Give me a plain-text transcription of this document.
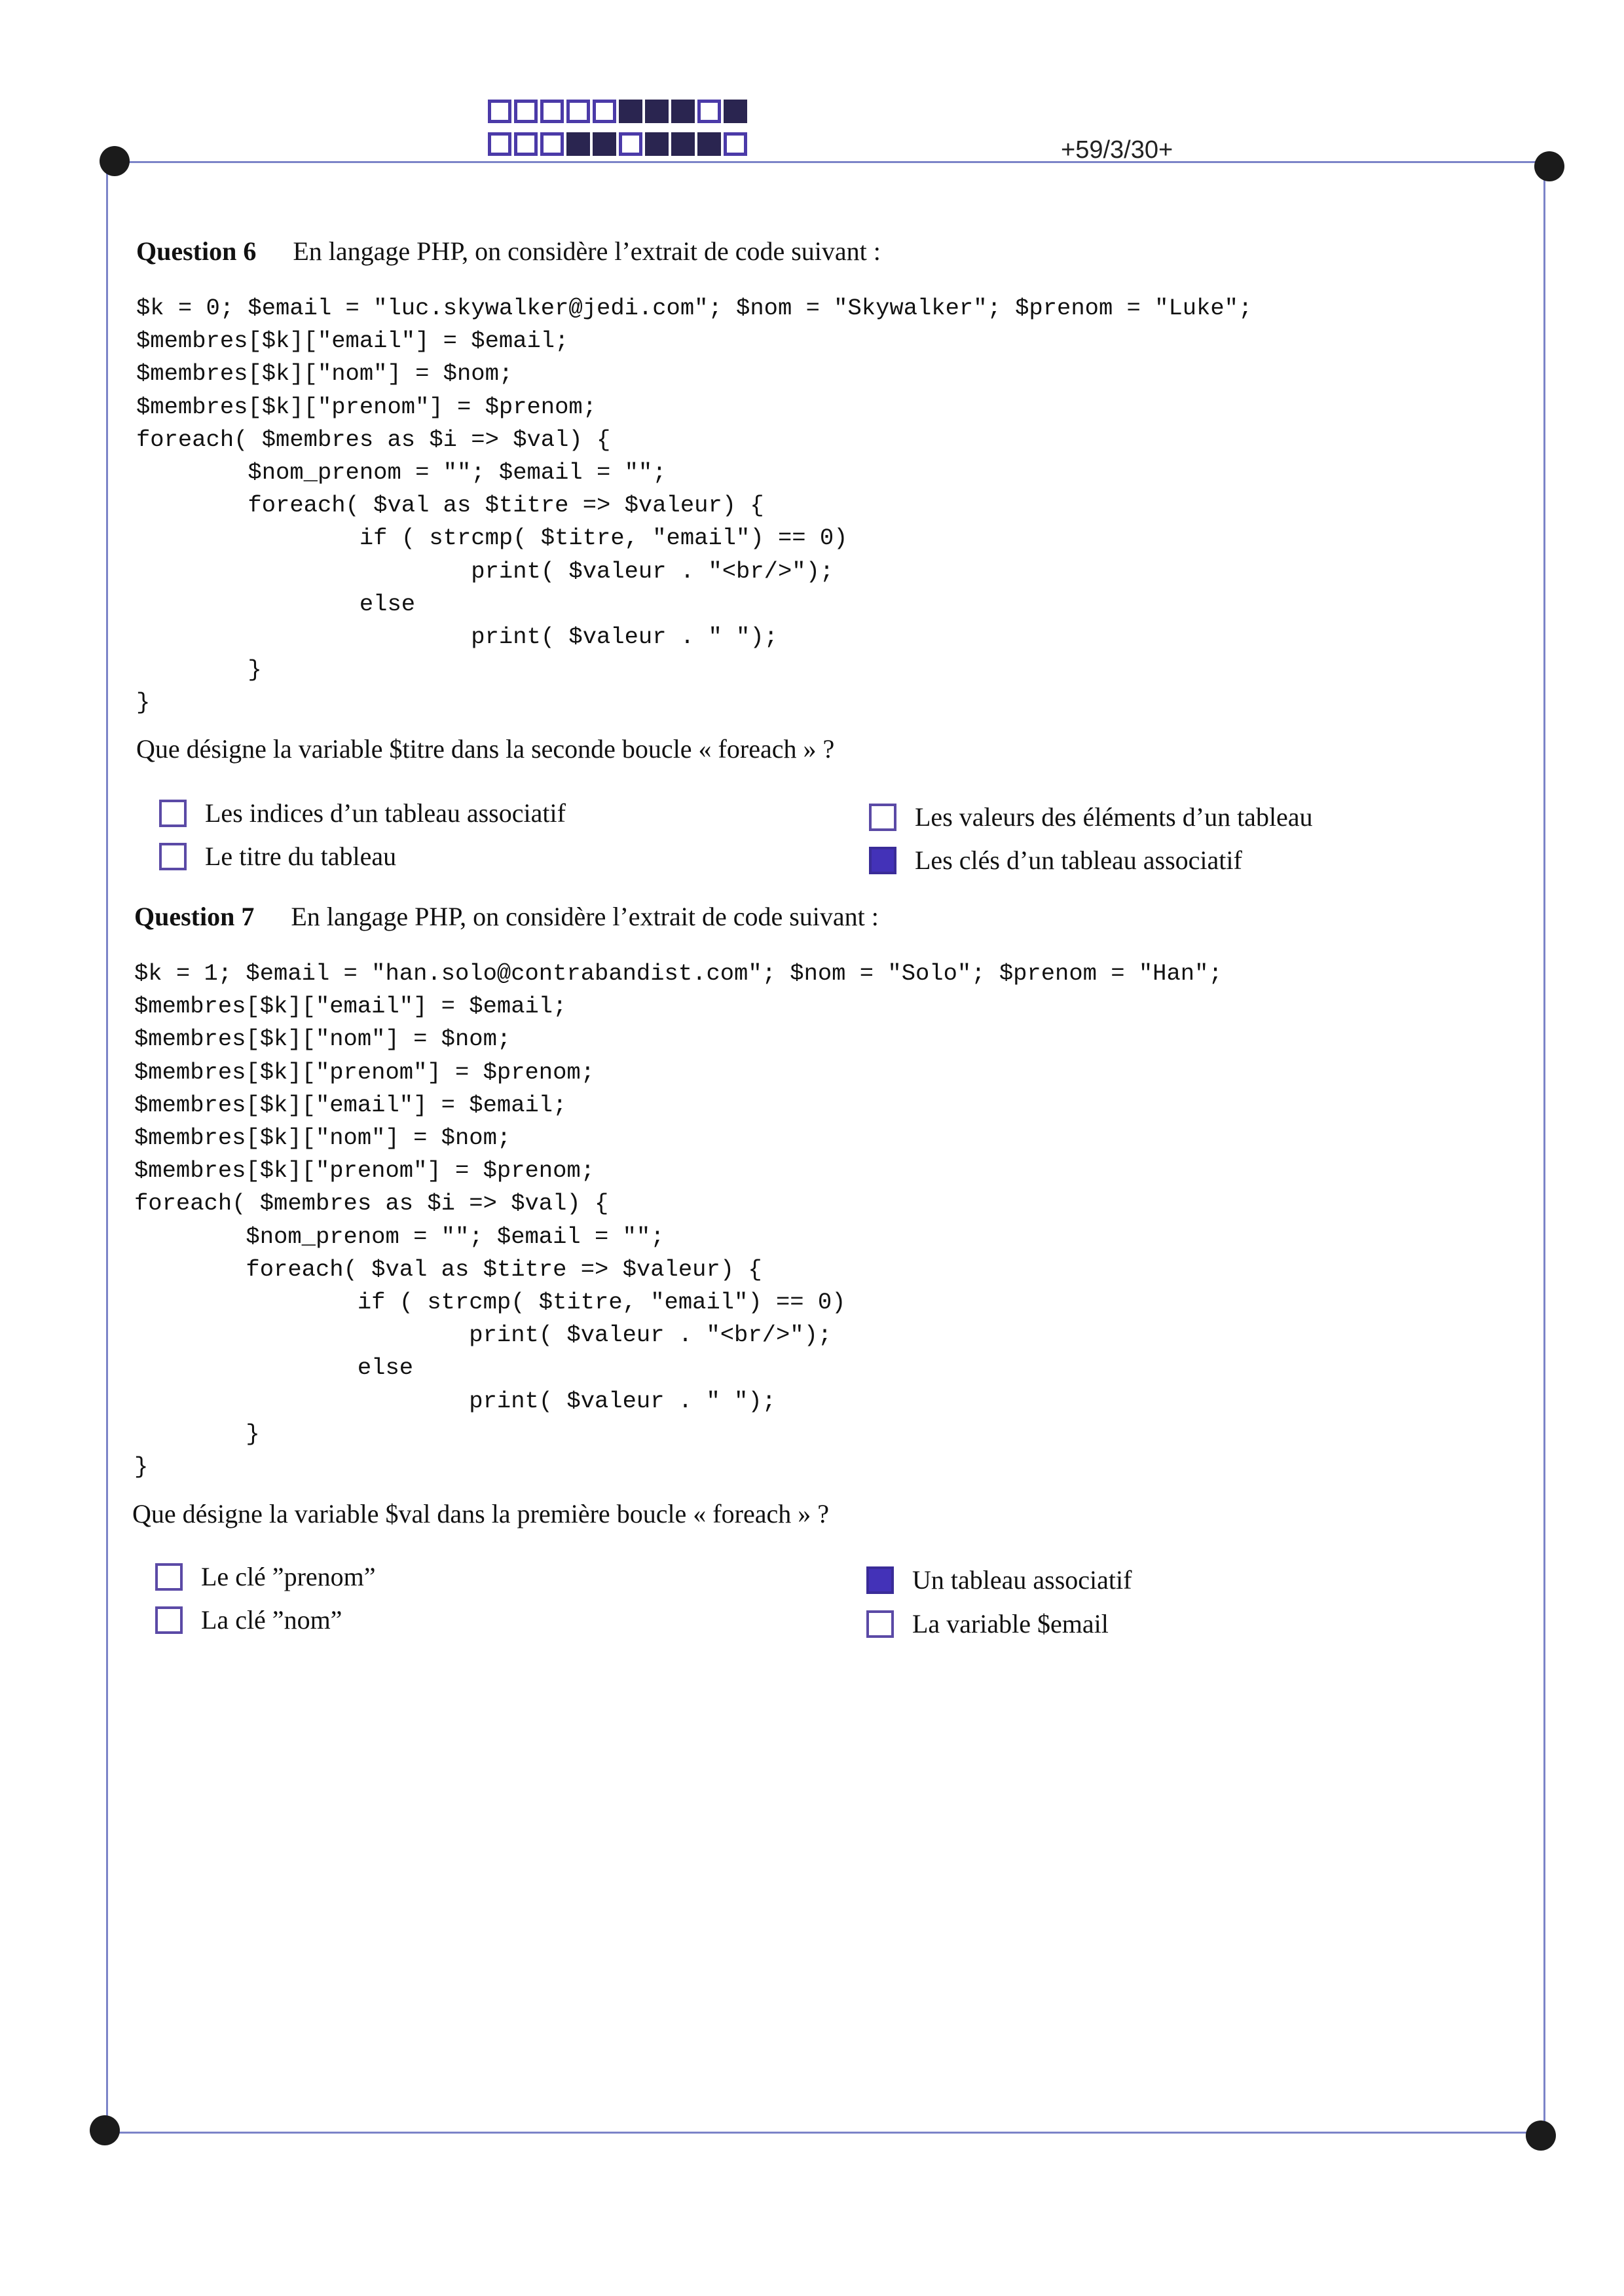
+59/3/30+
Question 6 En langage PHP, on considère l’extrait de code suivant :
$k = 0; $email = "luc.skywalker@jedi.com"; $nom = "Skywalker"; $prenom = "Luke";
$membres[$k]["email"] = $email;
$membres[$k]["nom"] = $nom;
$membres[$k]["prenom"] = $prenom;
foreach( $membres as $i => $val) {
$nom_prenom = ""; $email = "";
foreach( $val as $titre => $valeur) {
if ( strcmp( $titre, "email") == 0)
print( $valeur . "<br/>");
else
print( $valeur . " ");
}
}
Que désigne la variable $titre dans la seconde boucle « foreach » ?
Les indices d’un tableau associatif	Les valeurs des éléments d’un tableau
Le titre du tableau	Les clés d’un tableau associatif
Question 7 En langage PHP, on considère l’extrait de code suivant :
$k = 1; $email = "han.solo@contrabandist.com"; $nom = "Solo"; $prenom = "Han";
$membres[$k]["email"] = $email;
$membres[$k]["nom"] = $nom;
$membres[$k]["prenom"] = $prenom;
$membres[$k]["email"] = $email;
$membres[$k]["nom"] = $nom;
$membres[$k]["prenom"] = $prenom;
foreach( $membres as $i => $val) {
$nom_prenom = ""; $email = "";
foreach( $val as $titre => $valeur) {
if ( strcmp( $titre, "email") == 0)
print( $valeur . "<br/>");
else
print( $valeur . " ");
}
}
Que désigne la variable $val dans la première boucle « foreach » ?
Le clé ”prenom”	Un tableau associatif
La clé ”nom”	La variable $email
